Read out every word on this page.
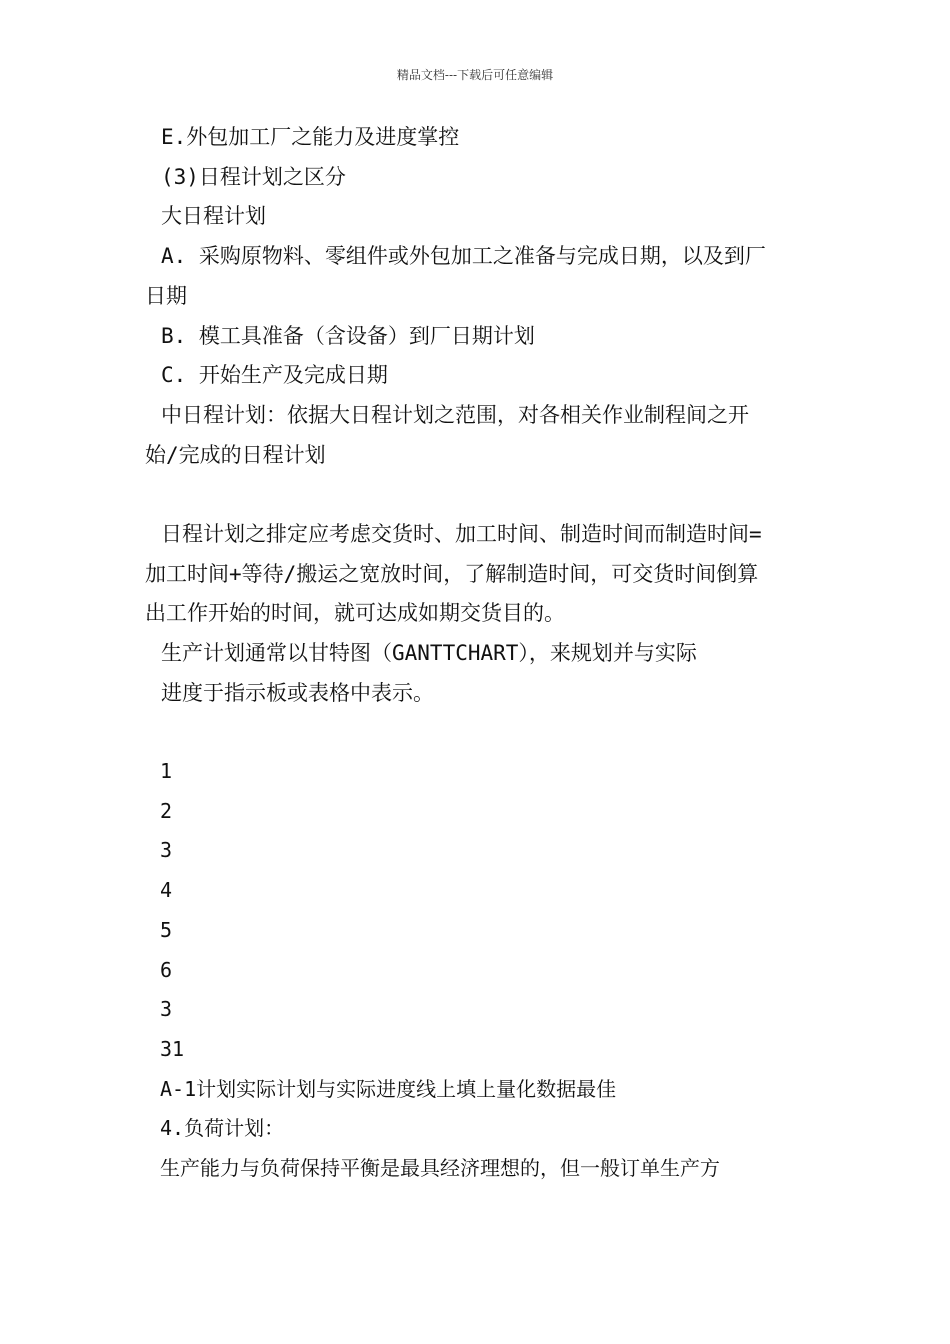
精品文档---下载后可任意编辑
E.外包加工厂之能力及进度掌控
(3)日程计划之区分
大日程计划
A. 采购原物料、零组件或外包加工之准备与完成日期，以及到厂
日期
B. 模工具准备（含设备）到厂日期计划
C. 开始生产及完成日期
中日程计划：依据大日程计划之范围，对各相关作业制程间之开
始/完成的日程计划
日程计划之排定应考虑交货时、加工时间、制造时间而制造时间=
加工时间+等待/搬运之宽放时间，了解制造时间，可交货时间倒算
出工作开始的时间，就可达成如期交货目的。
生产计划通常以甘特图（GANTTCHART），来规划并与实际
进度于指示板或表格中表示。
1
2
3
4
5
6
3
31
A-1计划实际计划与实际进度线上填上量化数据最佳
4.负荷计划：
生产能力与负荷保持平衡是最具经济理想的，但一般订单生产方
